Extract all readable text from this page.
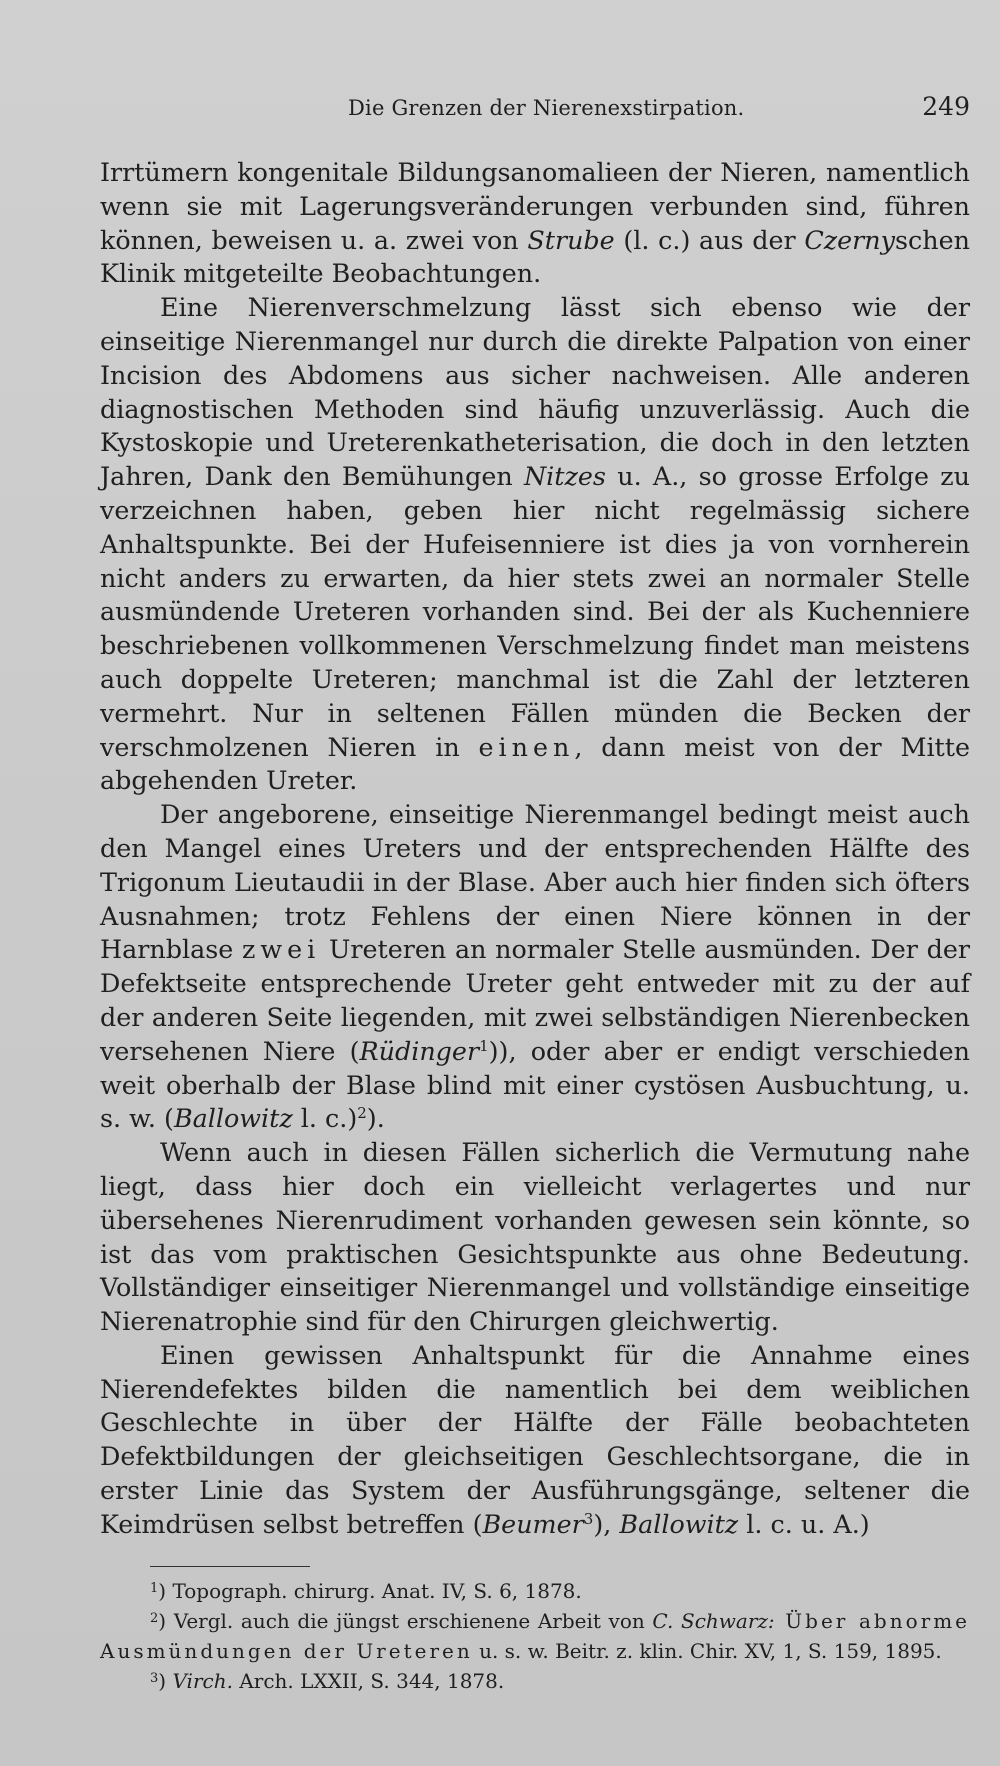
Die Grenzen der Nierenexstirpation.	249

Irrtümern kongenitale Bildungsanomalieen der Nieren, namentlich wenn sie mit Lagerungsveränderungen verbunden sind, führen können, beweisen u. a. zwei von Strube (l. c.) aus der Czernyschen Klinik mitgeteilte Beobachtungen.

Eine Nierenverschmelzung lässt sich ebenso wie der einseitige Nierenmangel nur durch die direkte Palpation von einer Incision des Abdomens aus sicher nachweisen. Alle anderen diagnostischen Methoden sind häufig unzuverlässig. Auch die Kystoskopie und Ureterenkatheterisation, die doch in den letzten Jahren, Dank den Bemühungen Nitzes u. A., so grosse Erfolge zu verzeichnen haben, geben hier nicht regelmässig sichere Anhaltspunkte. Bei der Hufeisenniere ist dies ja von vornherein nicht anders zu erwarten, da hier stets zwei an normaler Stelle ausmündende Ureteren vorhanden sind. Bei der als Kuchenniere beschriebenen vollkommenen Verschmelzung findet man meistens auch doppelte Ureteren; manchmal ist die Zahl der letzteren vermehrt. Nur in seltenen Fällen münden die Becken der verschmolzenen Nieren in einen, dann meist von der Mitte abgehenden Ureter.

Der angeborene, einseitige Nierenmangel bedingt meist auch den Mangel eines Ureters und der entsprechenden Hälfte des Trigonum Lieutaudii in der Blase. Aber auch hier finden sich öfters Ausnahmen; trotz Fehlens der einen Niere können in der Harnblase zwei Ureteren an normaler Stelle ausmünden. Der der Defektseite entsprechende Ureter geht entweder mit zu der auf der anderen Seite liegenden, mit zwei selbständigen Nierenbecken versehenen Niere (Rüdinger$^1$)), oder aber er endigt verschieden weit oberhalb der Blase blind mit einer cystösen Ausbuchtung, u. s. w. (Ballowitz l. c.)$^2$).

Wenn auch in diesen Fällen sicherlich die Vermutung nahe liegt, dass hier doch ein vielleicht verlagertes und nur übersehenes Nierenrudiment vorhanden gewesen sein könnte, so ist das vom praktischen Gesichtspunkte aus ohne Bedeutung. Vollständiger einseitiger Nierenmangel und vollständige einseitige Nierenatrophie sind für den Chirurgen gleichwertig.

Einen gewissen Anhaltspunkt für die Annahme eines Nierendefektes bilden die namentlich bei dem weiblichen Geschlechte in über der Hälfte der Fälle beobachteten Defektbildungen der gleichseitigen Geschlechtsorgane, die in erster Linie das System der Ausführungsgänge, seltener die Keimdrüsen selbst betreffen (Beumer$^3$), Ballowitz l. c. u. A.)

$^1$) Topograph. chirurg. Anat. IV, S. 6, 1878.

$^2$) Vergl. auch die jüngst erschienene Arbeit von C. Schwarz: Über abnorme Ausmündungen der Ureteren u. s. w. Beitr. z. klin. Chir. XV, 1, S. 159, 1895.

$^3$) Virch. Arch. LXXII, S. 344, 1878.
